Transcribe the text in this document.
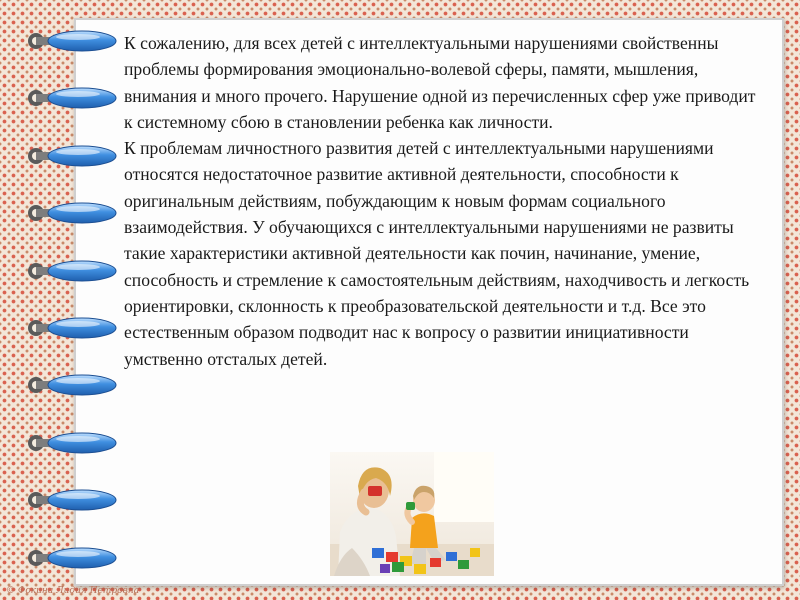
К сожалению, для всех детей с интеллектуальными нарушениями свойственны проблемы формирования эмоционально-волевой сферы, памяти, мышления, внимания и много прочего. Нарушение одной из перечисленных сфер уже приводит к системному сбою в становлении ребенка как личности.
К проблемам личностного развития детей с интеллектуальными нарушениями относятся недостаточное развитие активной деятельности, способности к оригинальным действиям, побуждающим к новым формам социального взаимодействия. У обучающихся с интеллектуальными нарушениями не развиты такие характеристики активной деятельности как почин, начинание, умение, способность и стремление к самостоятельным действиям, находчивость и легкость ориентировки, склонность к преобразовательской деятельности и т.д. Все это естественным образом подводит нас к вопросу о развитии инициативности умственно отсталых детей.
© Фокина Лидия Петровна
